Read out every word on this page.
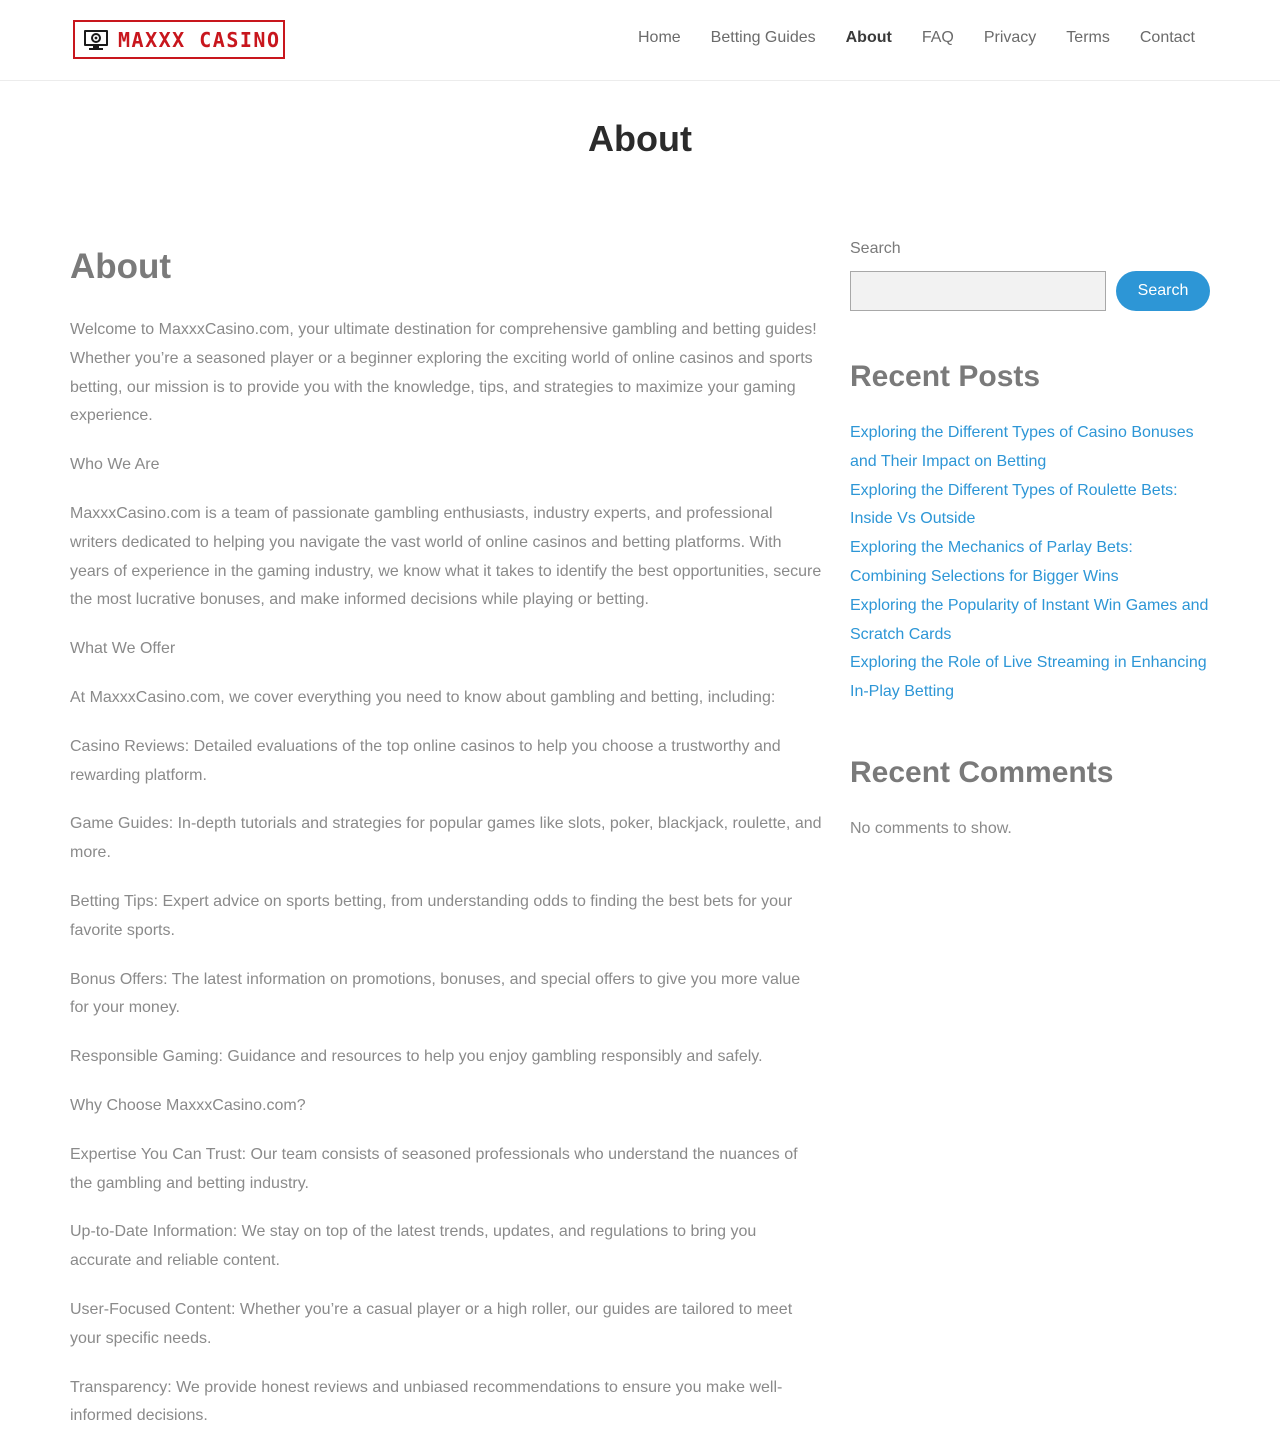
MAXXX CASINO	Home Betting Guides About FAQ Privacy Terms Contact
About
About

Welcome to MaxxxCasino.com, your ultimate destination for comprehensive gambling and betting guides! Whether you’re a seasoned player or a beginner exploring the exciting world of online casinos and sports betting, our mission is to provide you with the knowledge, tips, and strategies to maximize your gaming experience.

Who We Are

MaxxxCasino.com is a team of passionate gambling enthusiasts, industry experts, and professional writers dedicated to helping you navigate the vast world of online casinos and betting platforms. With years of experience in the gaming industry, we know what it takes to identify the best opportunities, secure the most lucrative bonuses, and make informed decisions while playing or betting.

What We Offer

At MaxxxCasino.com, we cover everything you need to know about gambling and betting, including:

Casino Reviews: Detailed evaluations of the top online casinos to help you choose a trustworthy and rewarding platform.

Game Guides: In-depth tutorials and strategies for popular games like slots, poker, blackjack, roulette, and more.

Betting Tips: Expert advice on sports betting, from understanding odds to finding the best bets for your favorite sports.

Bonus Offers: The latest information on promotions, bonuses, and special offers to give you more value for your money.

Responsible Gaming: Guidance and resources to help you enjoy gambling responsibly and safely.

Why Choose MaxxxCasino.com?

Expertise You Can Trust: Our team consists of seasoned professionals who understand the nuances of the gambling and betting industry.

Up-to-Date Information: We stay on top of the latest trends, updates, and regulations to bring you accurate and reliable content.

User-Focused Content: Whether you’re a casual player or a high roller, our guides are tailored to meet your specific needs.

Transparency: We provide honest reviews and unbiased recommendations to ensure you make well-informed decisions.

Search
Search
Recent Posts
Exploring the Different Types of Casino Bonuses and Their Impact on Betting
Exploring the Different Types of Roulette Bets: Inside Vs Outside
Exploring the Mechanics of Parlay Bets: Combining Selections for Bigger Wins
Exploring the Popularity of Instant Win Games and Scratch Cards
Exploring the Role of Live Streaming in Enhancing In-Play Betting
Recent Comments

No comments to show.
